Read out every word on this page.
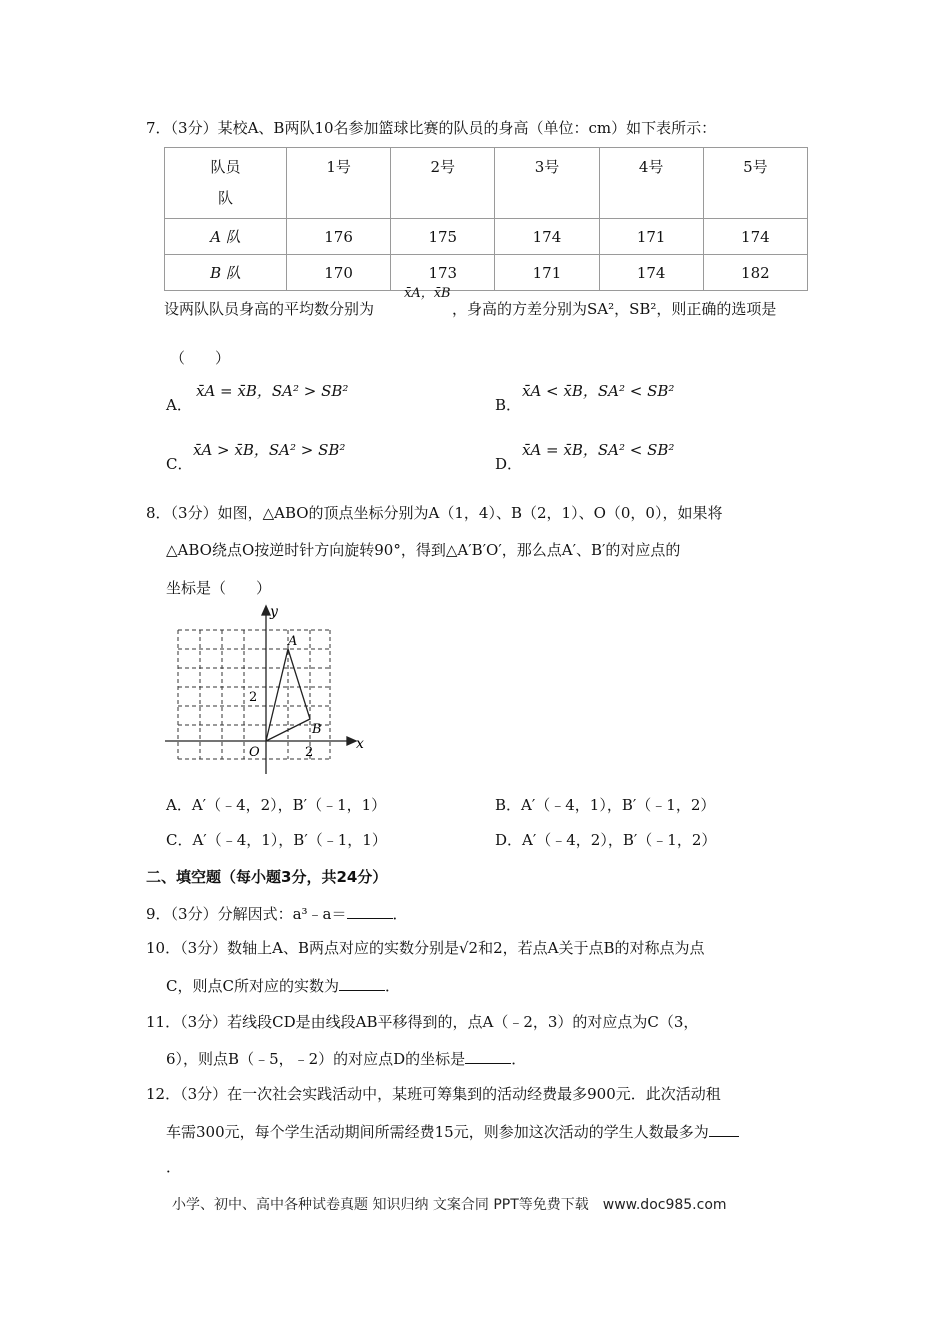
7．（3分）某校A、B两队10名参加篮球比赛的队员的身高（单位：cm）如下表所示：
队员
队	1号	2号	3号	4号	5号
A 队	176	175	174	171	174
B 队	170	173	171	174	182
设两队队员身高的平均数分别为
x̄A，x̄B
，身高的方差分别为SA²，SB²，则正确的选项是
（　　）
A．
x̄A = x̄B，SA² > SB²
B．
x̄A < x̄B，SA² < SB²
C．
x̄A > x̄B，SA² > SB²
D．
x̄A = x̄B，SA² < SB²
8．（3分）如图，△ABO的顶点坐标分别为A（1，4）、B（2，1）、O（0，0），如果将
△ABO绕点O按逆时针方向旋转90°，得到△A′B′O′，那么点A′、B′的对应点的
坐标是（　　）
y
x
A
B
O
2
2
A．A′（﹣4，2），B′（﹣1，1）	B．A′（﹣4，1），B′（﹣1，2）
C．A′（﹣4，1），B′（﹣1，1）	D．A′（﹣4，2），B′（﹣1，2）
二、填空题（每小题3分，共24分）
9．（3分）分解因式：a³﹣a＝	．
10．（3分）数轴上A、B两点对应的实数分别是√2和2，若点A关于点B的对称点为点
C，则点C所对应的实数为	．
11．（3分）若线段CD是由线段AB平移得到的，点A（﹣2，3）的对应点为C（3，
6），则点B（﹣5，﹣2）的对应点D的坐标是	．
12．（3分）在一次社会实践活动中，某班可筹集到的活动经费最多900元．此次活动租
车需300元，每个学生活动期间所需经费15元，则参加这次活动的学生人数最多为
．
小学、初中、高中各种试卷真题 知识归纳 文案合同 PPT等免费下载　www.doc985.com
